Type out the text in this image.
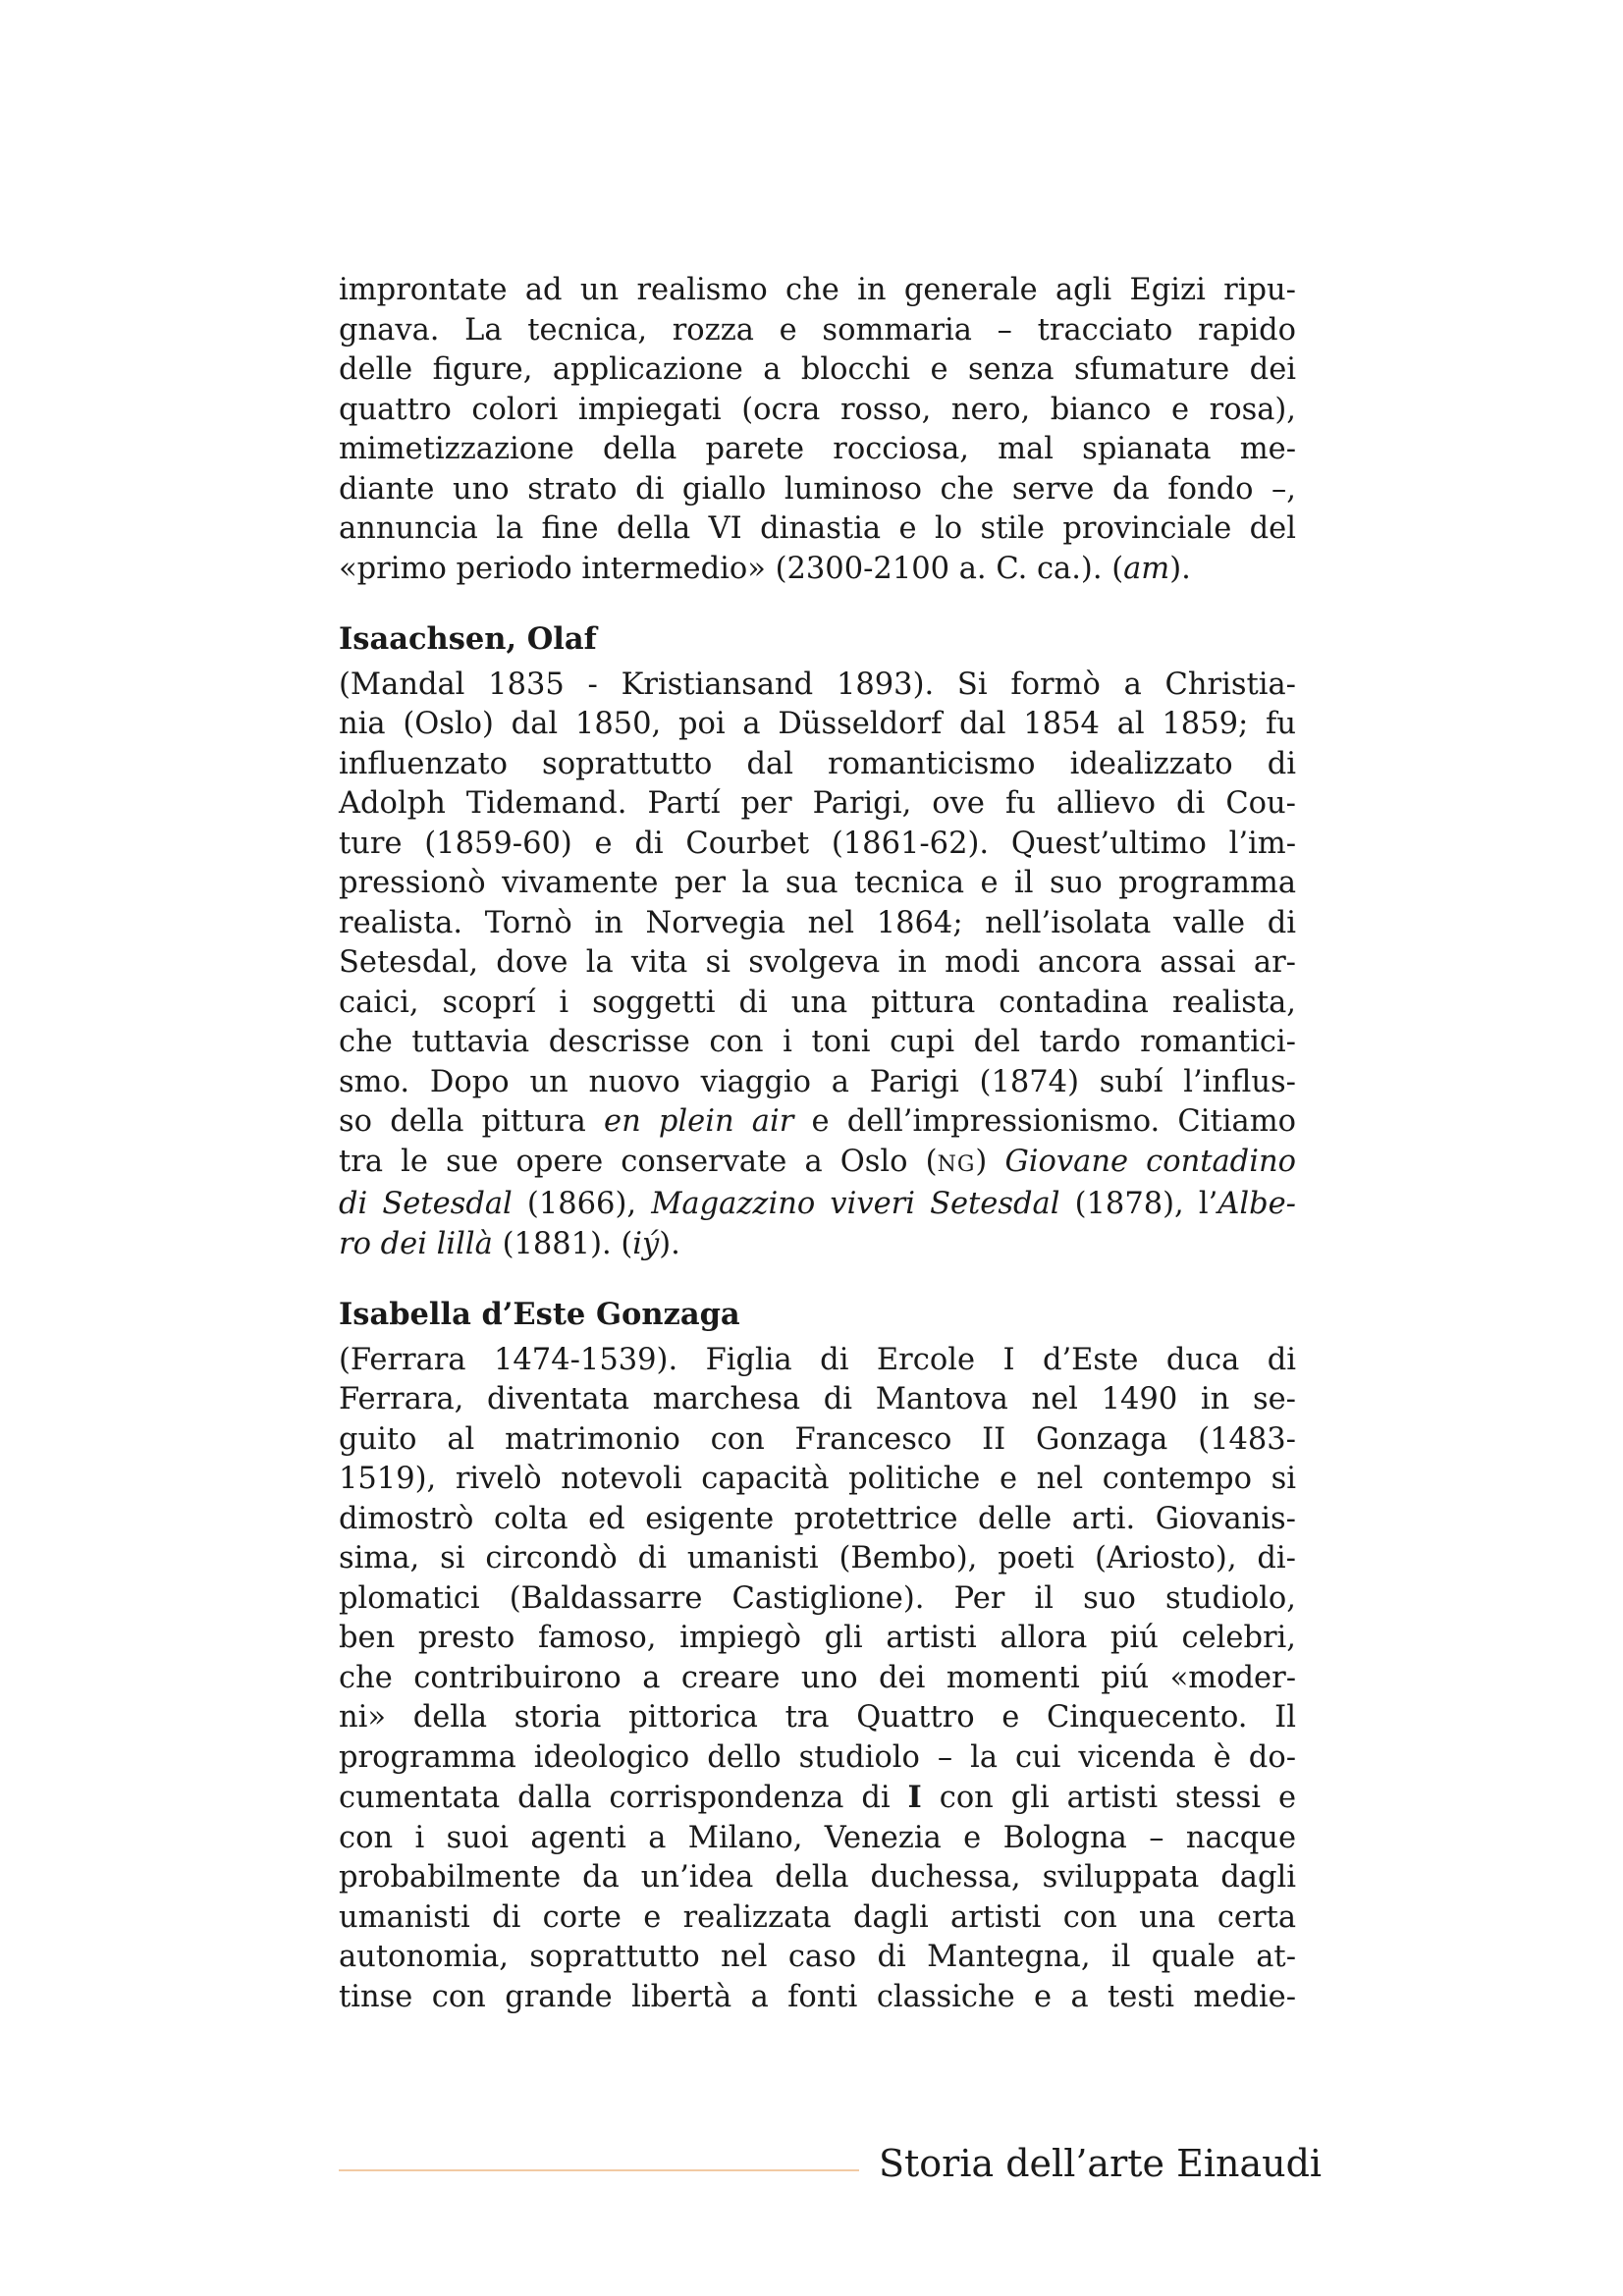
improntate ad un realismo che in generale agli Egizi ripu-
gnava. La tecnica, rozza e sommaria – tracciato rapido
delle figure, applicazione a blocchi e senza sfumature dei
quattro colori impiegati (ocra rosso, nero, bianco e rosa),
mimetizzazione della parete rocciosa, mal spianata me-
diante uno strato di giallo luminoso che serve da fondo –,
annuncia la fine della VI dinastia e lo stile provinciale del
«primo periodo intermedio» (2300-2100 a. C. ca.). (am).
Isaachsen, Olaf
(Mandal 1835 - Kristiansand 1893). Si formò a Christia-
nia (Oslo) dal 1850, poi a Düsseldorf dal 1854 al 1859; fu
influenzato soprattutto dal romanticismo idealizzato di
Adolph Tidemand. Partí per Parigi, ove fu allievo di Cou-
ture (1859-60) e di Courbet (1861-62). Quest’ultimo l’im-
pressionò vivamente per la sua tecnica e il suo programma
realista. Tornò in Norvegia nel 1864; nell’isolata valle di
Setesdal, dove la vita si svolgeva in modi ancora assai ar-
caici, scoprí i soggetti di una pittura contadina realista,
che tuttavia descrisse con i toni cupi del tardo romantici-
smo. Dopo un nuovo viaggio a Parigi (1874) subí l’influs-
so della pittura en plein air e dell’impressionismo. Citiamo
tra le sue opere conservate a Oslo (NG) Giovane contadino
di Setesdal (1866), Magazzino viveri Setesdal (1878), l’Albe-
ro dei lillà (1881). (iý).
Isabella d’Este Gonzaga
(Ferrara 1474-1539). Figlia di Ercole I d’Este duca di
Ferrara, diventata marchesa di Mantova nel 1490 in se-
guito al matrimonio con Francesco II Gonzaga (1483-
1519), rivelò notevoli capacità politiche e nel contempo si
dimostrò colta ed esigente protettrice delle arti. Giovanis-
sima, si circondò di umanisti (Bembo), poeti (Ariosto), di-
plomatici (Baldassarre Castiglione). Per il suo studiolo,
ben presto famoso, impiegò gli artisti allora piú celebri,
che contribuirono a creare uno dei momenti piú «moder-
ni» della storia pittorica tra Quattro e Cinquecento. Il
programma ideologico dello studiolo – la cui vicenda è do-
cumentata dalla corrispondenza di I con gli artisti stessi e
con i suoi agenti a Milano, Venezia e Bologna – nacque
probabilmente da un’idea della duchessa, sviluppata dagli
umanisti di corte e realizzata dagli artisti con una certa
autonomia, soprattutto nel caso di Mantegna, il quale at-
tinse con grande libertà a fonti classiche e a testi medie-
Storia dell’arte Einaudi
